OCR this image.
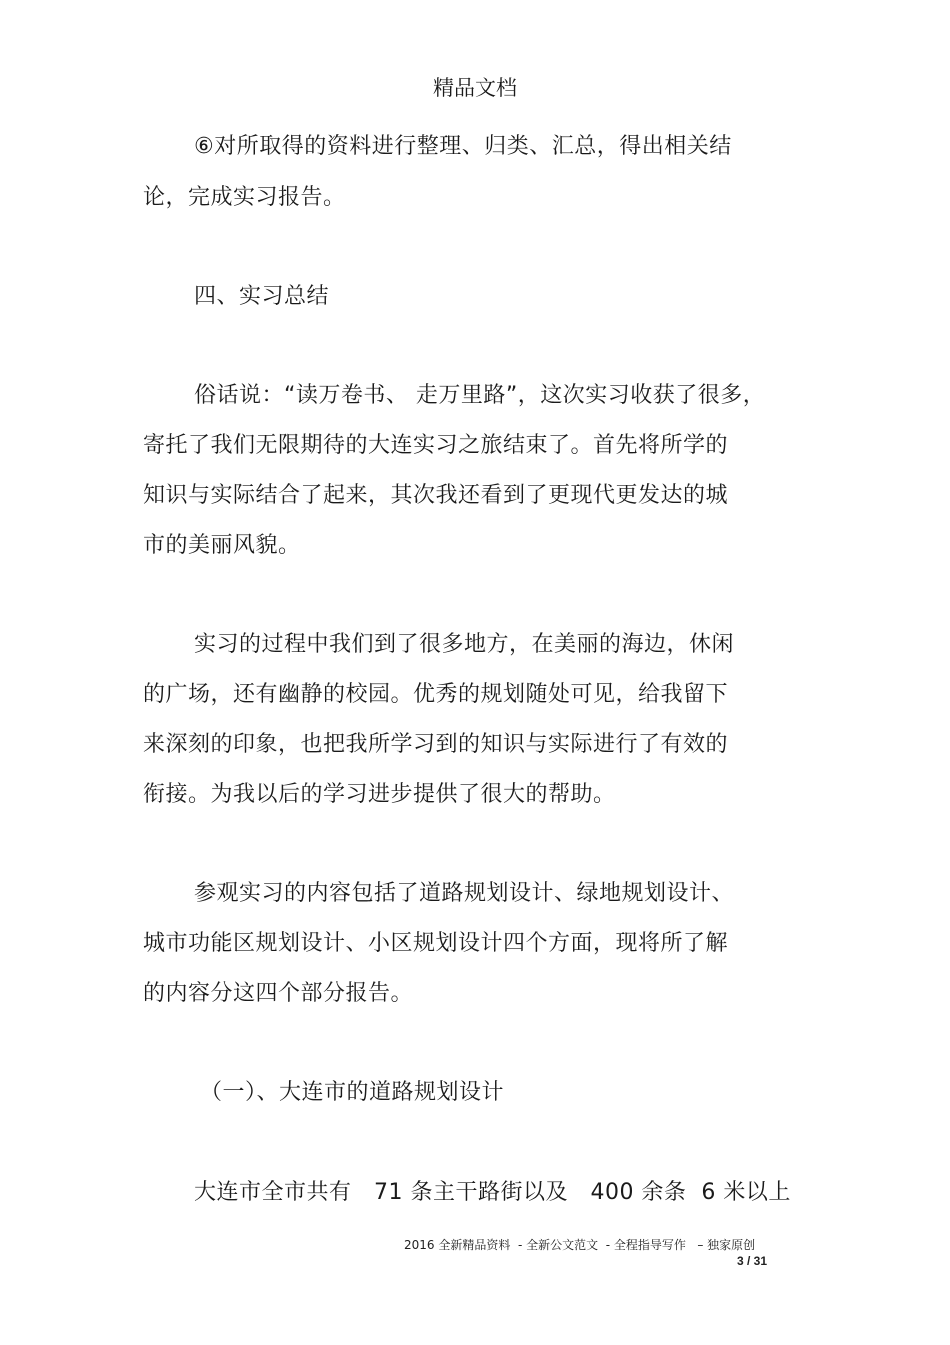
精品文档
⑥对所取得的资料进行整理、归类、汇总，得出相关结
论，完成实习报告。
四、实习总结
俗话说：“读万卷书、 走万里路”，这次实习收获了很多，
寄托了我们无限期待的大连实习之旅结束了。首先将所学的
知识与实际结合了起来，其次我还看到了更现代更发达的城
市的美丽风貌。
实习的过程中我们到了很多地方，在美丽的海边，休闲
的广场，还有幽静的校园。优秀的规划随处可见，给我留下
来深刻的印象，也把我所学习到的知识与实际进行了有效的
衔接。为我以后的学习进步提供了很大的帮助。
参观实习的内容包括了道路规划设计、绿地规划设计、
城市功能区规划设计、小区规划设计四个方面，现将所了解
的内容分这四个部分报告。
（一）、大连市的道路规划设计
大连市全市共有   71 条主干路街以及   400 余条  6 米以上
2016 全新精品资料  - 全新公文范文  - 全程指导写作   – 独家原创
3 / 31
